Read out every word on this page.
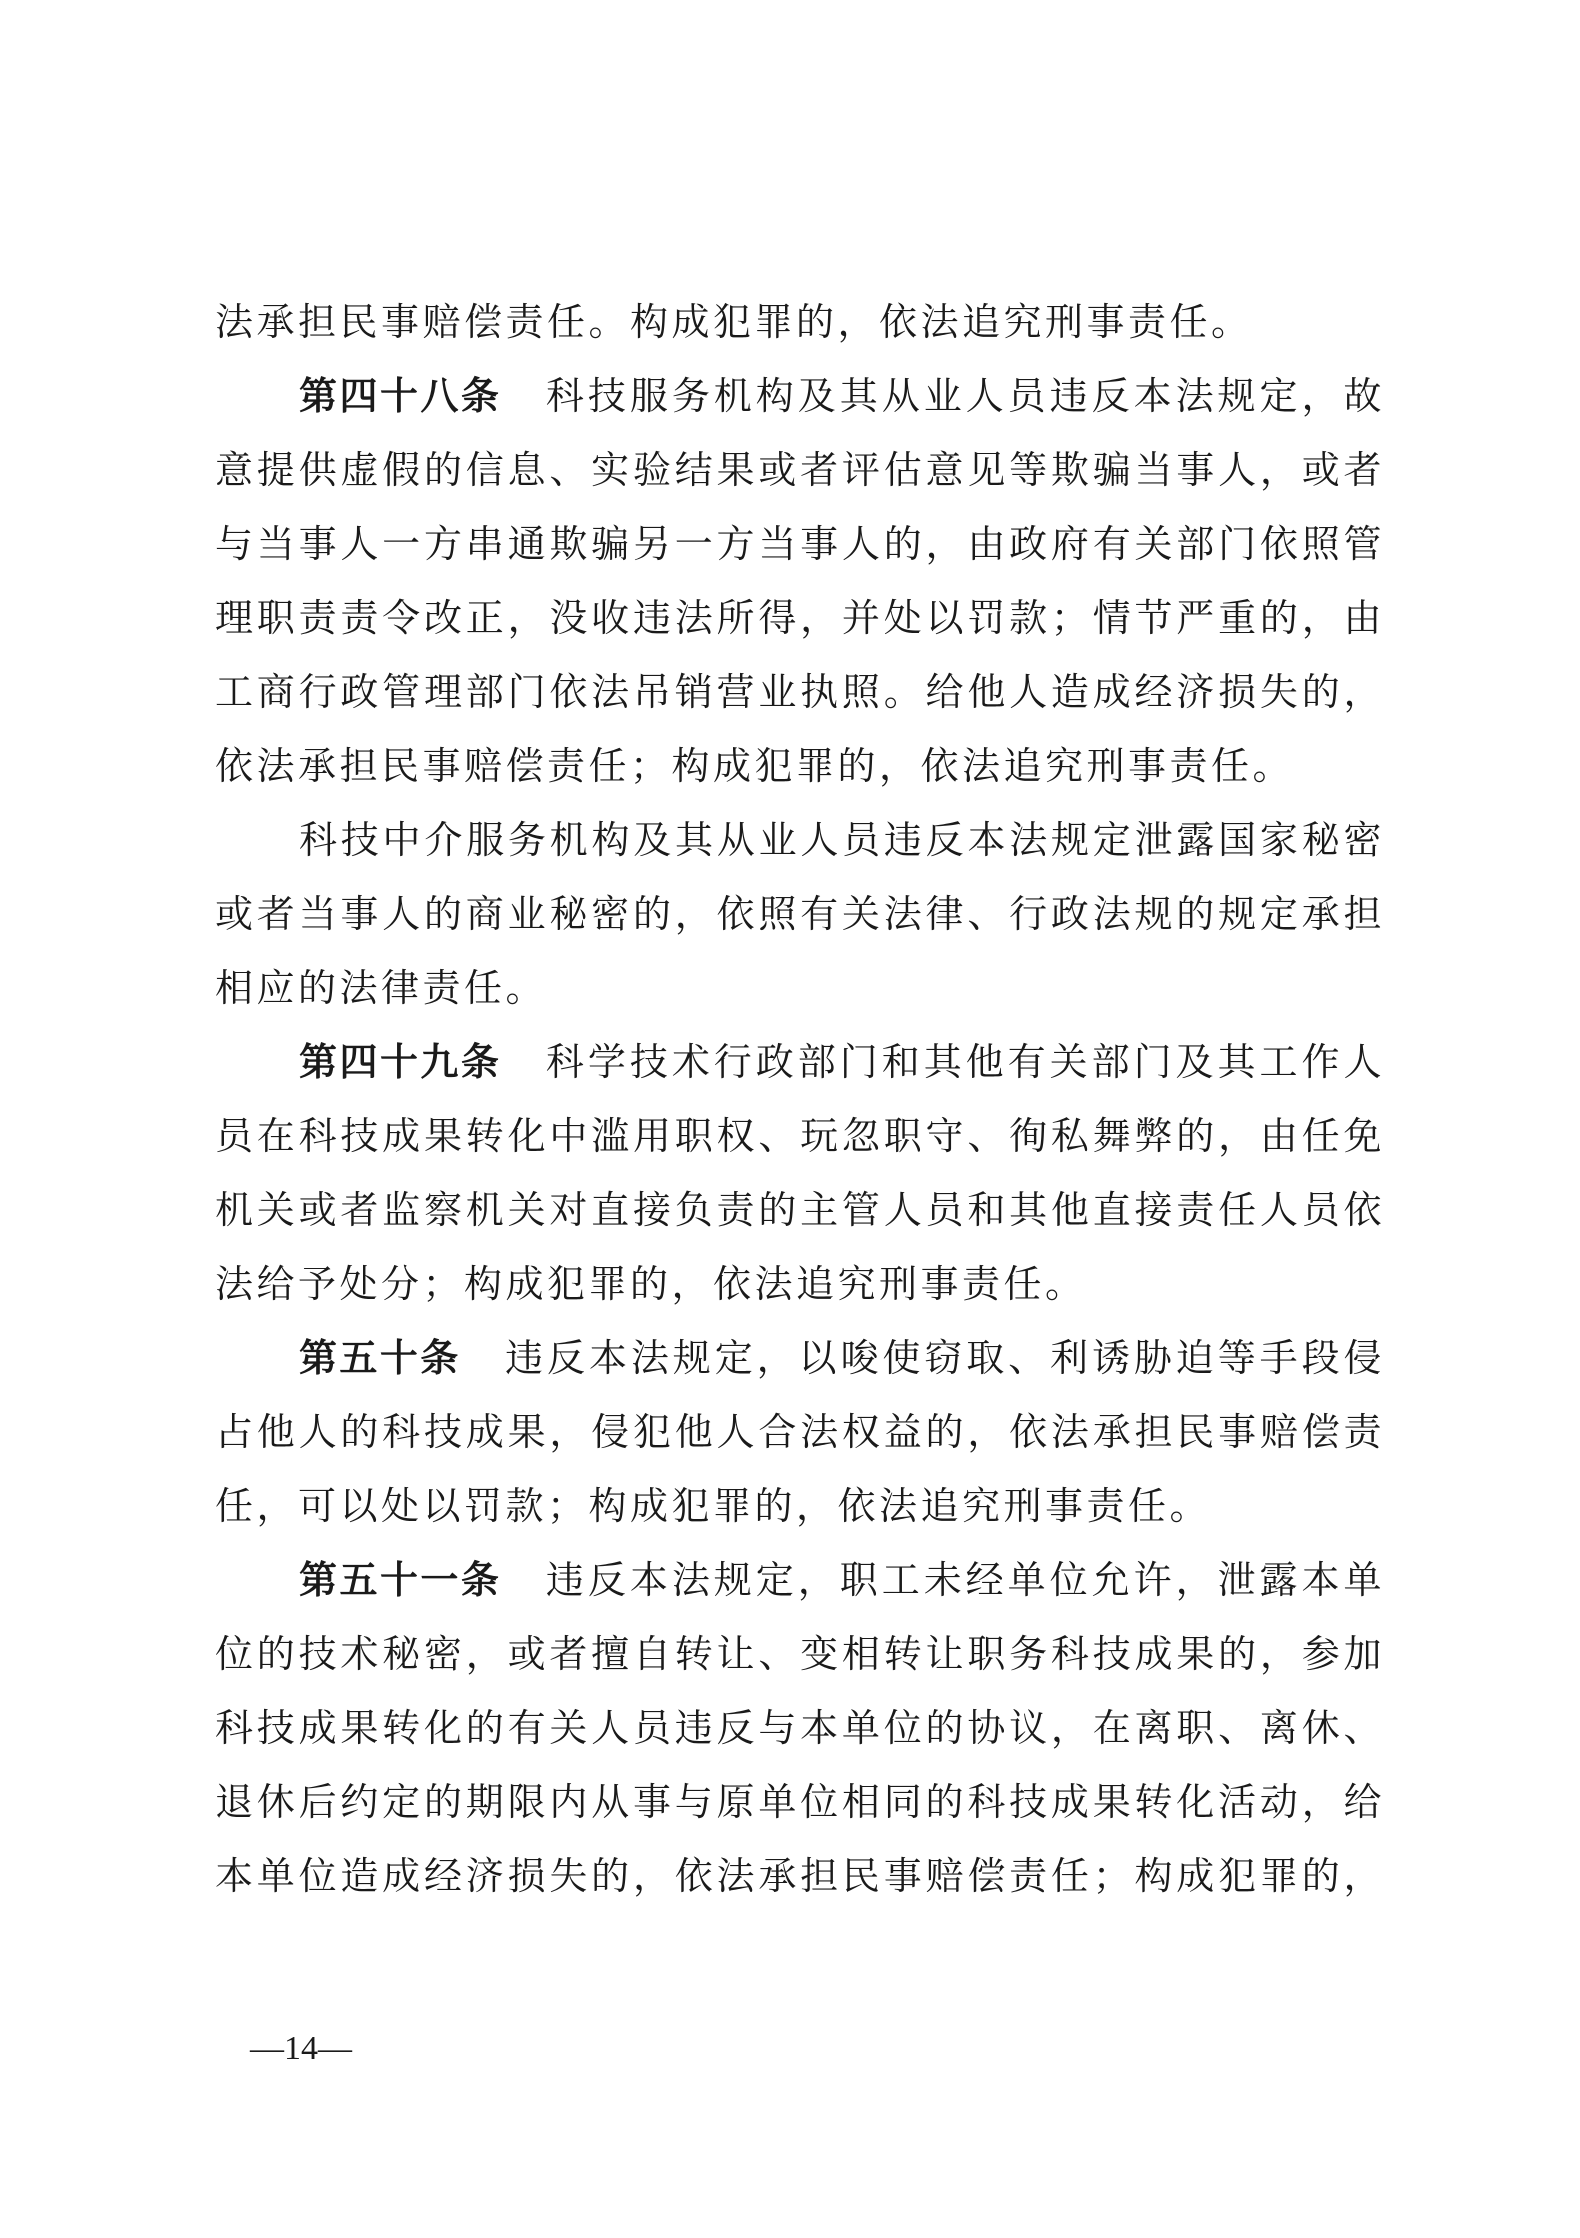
法承担民事赔偿责任。构成犯罪的，依法追究刑事责任。

第四十八条 科技服务机构及其从业人员违反本法规定，故意提供虚假的信息、实验结果或者评估意见等欺骗当事人，或者与当事人一方串通欺骗另一方当事人的，由政府有关部门依照管理职责责令改正，没收违法所得，并处以罚款；情节严重的，由工商行政管理部门依法吊销营业执照。给他人造成经济损失的，依法承担民事赔偿责任；构成犯罪的，依法追究刑事责任。

科技中介服务机构及其从业人员违反本法规定泄露国家秘密或者当事人的商业秘密的，依照有关法律、行政法规的规定承担相应的法律责任。

第四十九条 科学技术行政部门和其他有关部门及其工作人员在科技成果转化中滥用职权、玩忽职守、徇私舞弊的，由任免机关或者监察机关对直接负责的主管人员和其他直接责任人员依法给予处分；构成犯罪的，依法追究刑事责任。

第五十条 违反本法规定，以唆使窃取、利诱胁迫等手段侵占他人的科技成果，侵犯他人合法权益的，依法承担民事赔偿责任，可以处以罚款；构成犯罪的，依法追究刑事责任。

第五十一条 违反本法规定，职工未经单位允许，泄露本单位的技术秘密，或者擅自转让、变相转让职务科技成果的，参加科技成果转化的有关人员违反与本单位的协议，在离职、离休、退休后约定的期限内从事与原单位相同的科技成果转化活动，给本单位造成经济损失的，依法承担民事赔偿责任；构成犯罪的，

—14—
